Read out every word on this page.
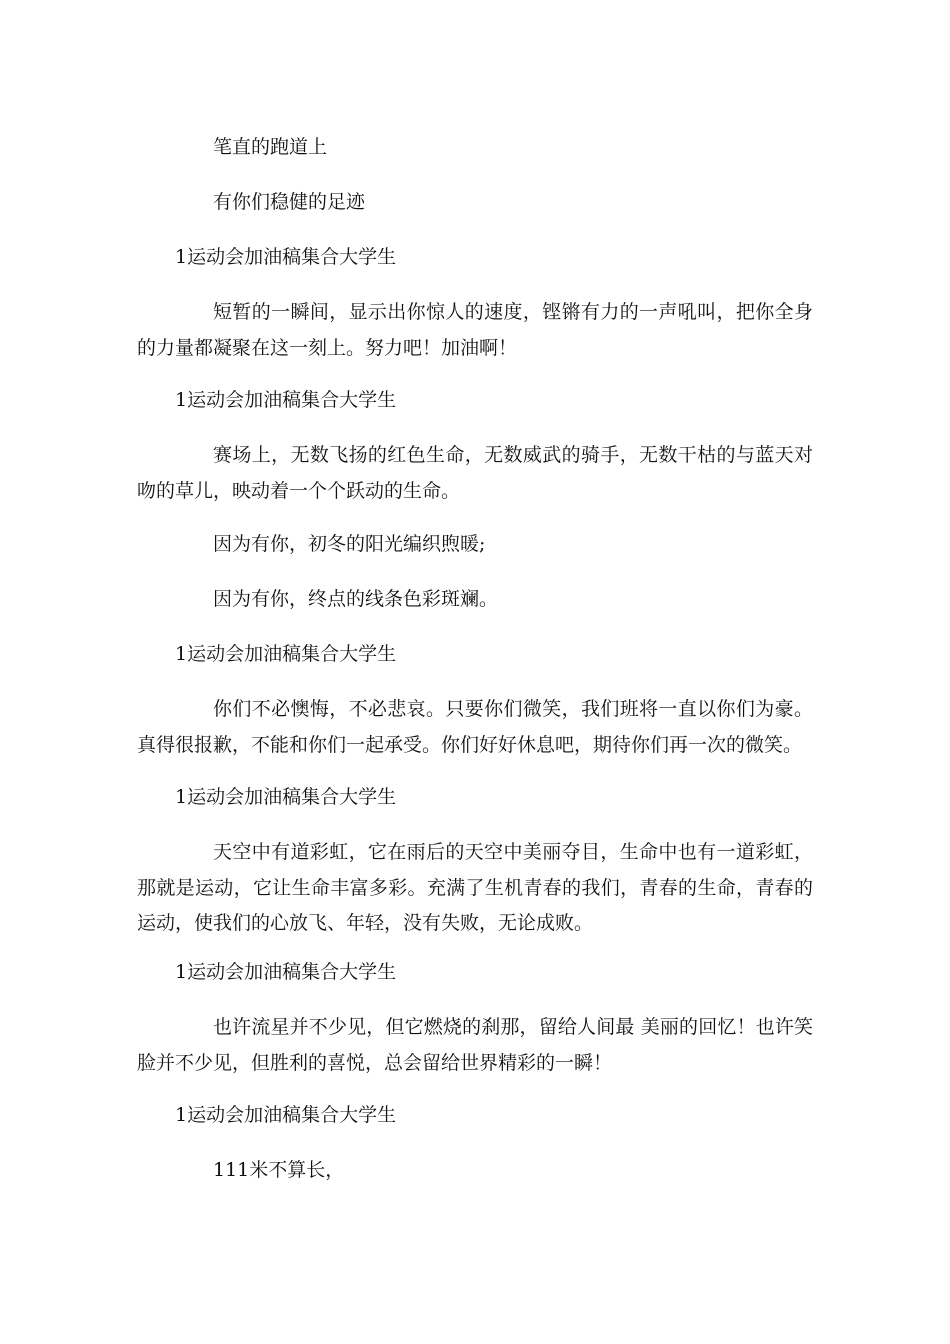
笔直的跑道上

有你们稳健的足迹

1运动会加油稿集合大学生

短暂的一瞬间，显示出你惊人的速度，铿锵有力的一声吼叫，把你全身的力量都凝聚在这一刻上。努力吧！加油啊！

1运动会加油稿集合大学生

赛场上，无数飞扬的红色生命，无数威武的骑手，无数干枯的与蓝天对吻的草儿，映动着一个个跃动的生命。

因为有你，初冬的阳光编织煦暖;

因为有你，终点的线条色彩斑斓。

1运动会加油稿集合大学生

你们不必懊悔，不必悲哀。只要你们微笑，我们班将一直以你们为豪。真得很报歉，不能和你们一起承受。你们好好休息吧，期待你们再一次的微笑。

1运动会加油稿集合大学生

天空中有道彩虹，它在雨后的天空中美丽夺目，生命中也有一道彩虹，那就是运动，它让生命丰富多彩。充满了生机青春的我们，青春的生命，青春的运动，使我们的心放飞、年轻，没有失败，无论成败。

1运动会加油稿集合大学生

也许流星并不少见，但它燃烧的刹那，留给人间最 美丽的回忆！也许笑脸并不少见，但胜利的喜悦，总会留给世界精彩的一瞬！

1运动会加油稿集合大学生

111米不算长，
